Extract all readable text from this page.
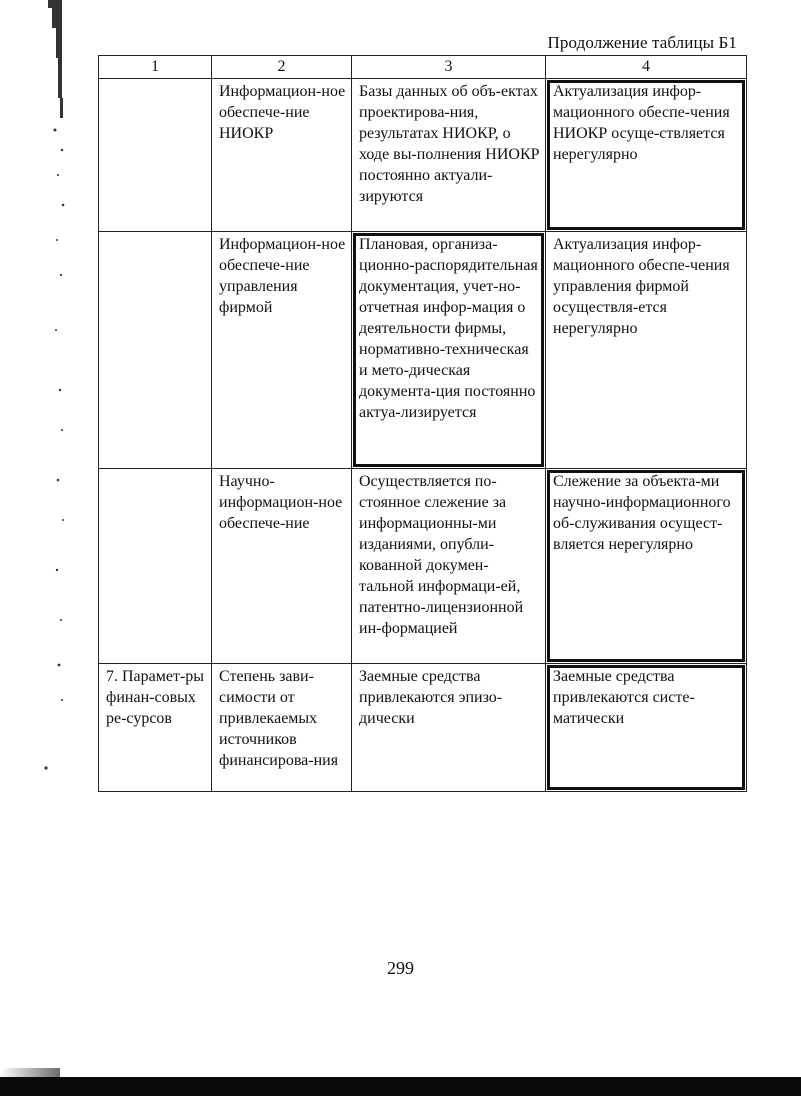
Продолжение таблицы Б1
1	2	3	4
	Информацион-ное обеспече-ние НИОКР	Базы данных об объ-ектах проектирова-ния, результатах НИОКР, о ходе вы-полнения НИОКР постоянно актуали-зируются	Актуализация инфор-мационного обеспе-чения НИОКР осуще-ствляется нерегулярно
	Информацион-ное обеспече-ние управления фирмой	Плановая, организа-ционно-распорядительная документация, учет-но-отчетная инфор-мация о деятельности фирмы, нормативно-техническая и мето-дическая документа-ция постоянно актуа-лизируется	Актуализация инфор-мационного обеспе-чения управления фирмой осуществля-ется нерегулярно
	Научно-информацион-ное обеспече-ние	Осуществляется по-стоянное слежение за информационны-ми изданиями, опубли-кованной докумен-тальной информаци-ей, патентно-лицензионной ин-формацией	Слежение за объекта-ми научно-информационного об-служивания осущест-вляется нерегулярно
7. Парамет-ры финан-совых ре-сурсов	Степень зави-симости от привлекаемых источников финансирова-ния	Заемные средства привлекаются эпизо-дически	Заемные средства привлекаются систе-матически
299
